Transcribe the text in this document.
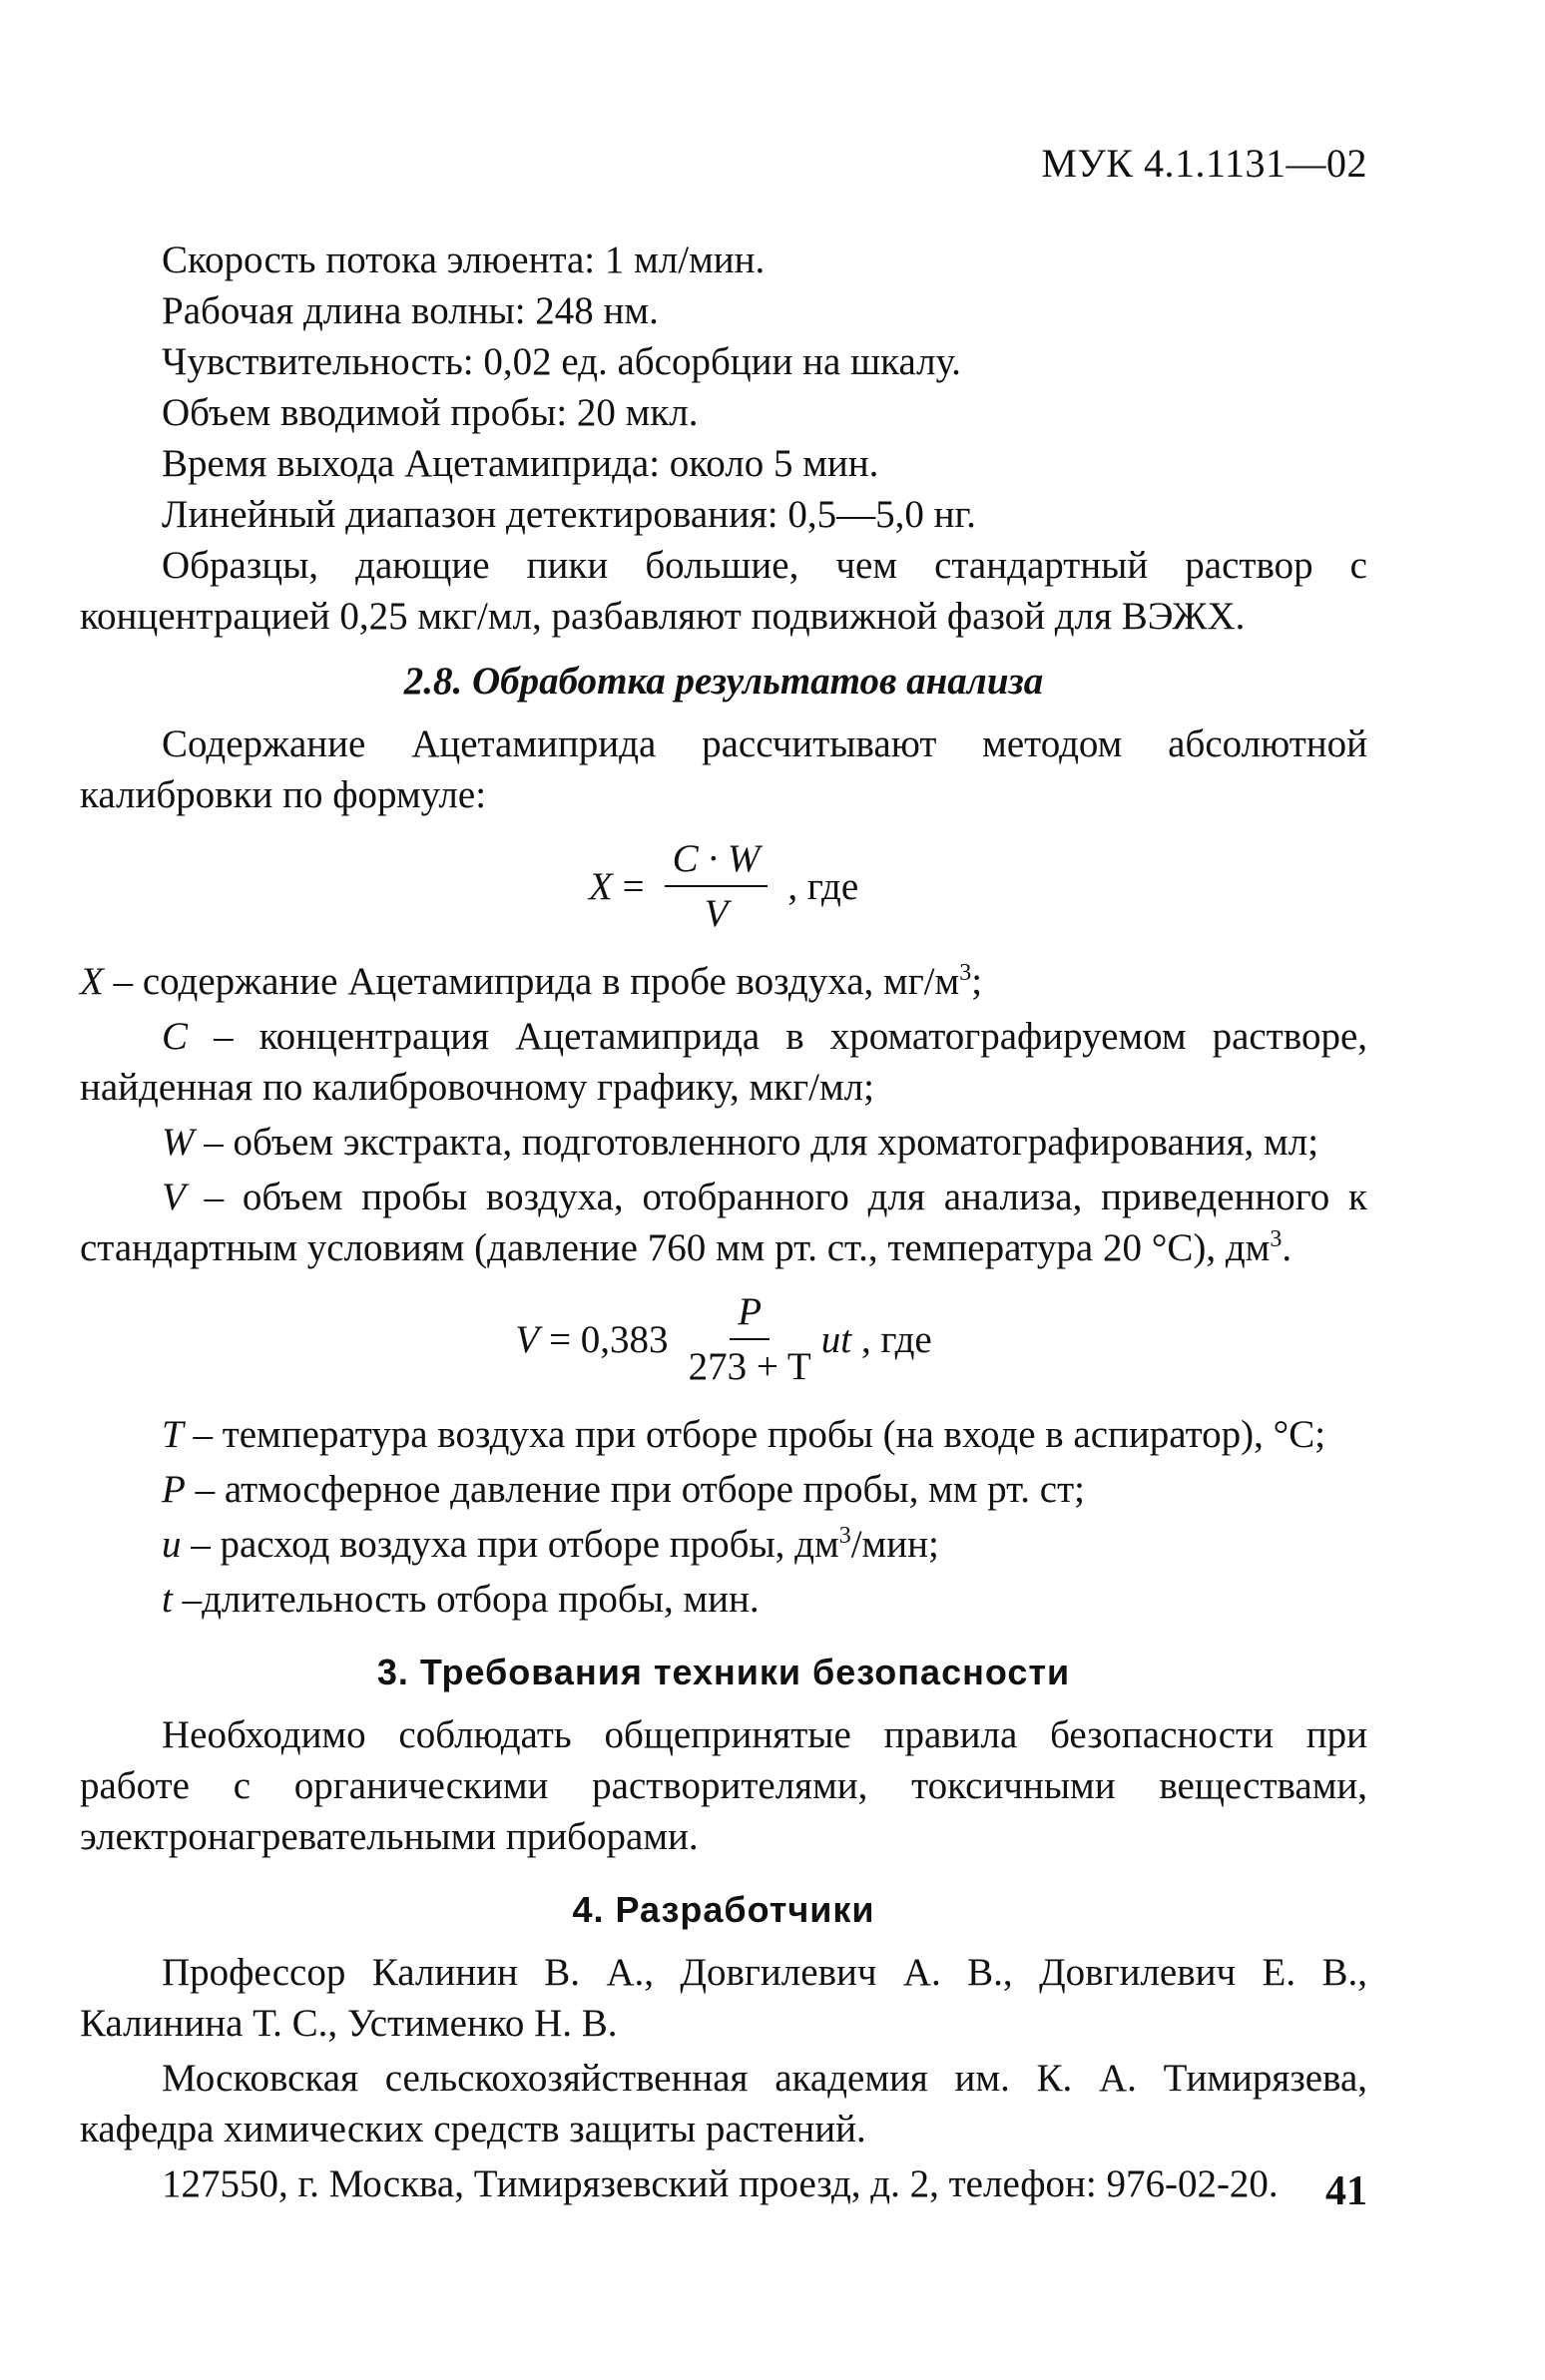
МУК 4.1.1131—02

Скорость потока элюента: 1 мл/мин.

Рабочая длина волны: 248 нм.

Чувствительность: 0,02 ед. абсорбции на шкалу.

Объем вводимой пробы: 20 мкл.

Время выхода Ацетамиприда: около 5 мин.

Линейный диапазон детектирования: 0,5—5,0 нг.

Образцы, дающие пики большие, чем стандартный раствор с концентрацией 0,25 мкг/мл, разбавляют подвижной фазой для ВЭЖХ.

2.8. Обработка результатов анализа

Содержание Ацетамиприда рассчитывают методом абсолютной калибровки по формуле:

$X = \frac{C \cdot W}{V}$ , где

X – содержание Ацетамиприда в пробе воздуха, $мг/м^3$;

C – концентрация Ацетамиприда в хроматографируемом растворе, найденная по калибровочному графику, мкг/мл;

W – объем экстракта, подготовленного для хроматографирования, мл;

V – объем пробы воздуха, отобранного для анализа, приведенного к стандартным условиям (давление 760 мм рт. ст., температура 20 °С), $дм^3$.

$V = 0,383 \frac{P}{273 + T}$ ut , где

T – температура воздуха при отборе пробы (на входе в аспиратор), °С;

P – атмосферное давление при отборе пробы, мм рт. ст;

u – расход воздуха при отборе пробы, $дм^3$/мин;

t –длительность отбора пробы, мин.

3. Требования техники безопасности

Необходимо соблюдать общепринятые правила безопасности при работе с органическими растворителями, токсичными веществами, электронагревательными приборами.

4. Разработчики

Профессор Калинин В. А., Довгилевич А. В., Довгилевич Е. В., Калинина Т. С., Устименко Н. В.

Московская сельскохозяйственная академия им. К. А. Тимирязева, кафедра химических средств защиты растений.

127550, г. Москва, Тимирязевский проезд, д. 2, телефон: 976-02-20.	41
